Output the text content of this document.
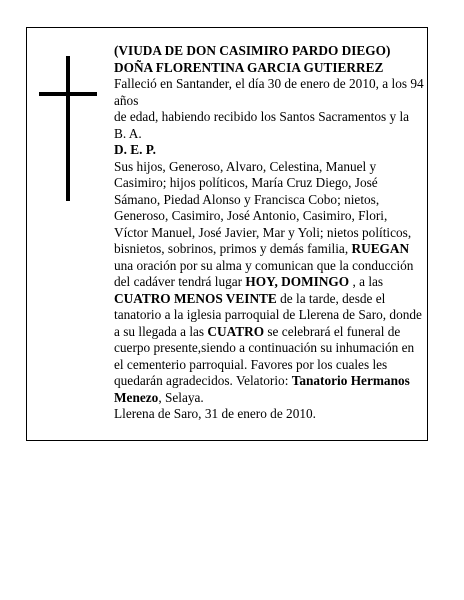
(VIUDA DE DON CASIMIRO PARDO DIEGO)

DOÑA FLORENTINA GARCIA GUTIERREZ

Falleció en Santander, el día 30 de enero de 2010, a los 94 años

de edad, habiendo recibido los Santos Sacramentos y la B. A.

D. E. P.

Sus hijos, Generoso, Alvaro, Celestina, Manuel y Casimiro; hijos políticos, María Cruz Diego, José Sámano, Piedad Alonso y Francisca Cobo; nietos, Generoso, Casimiro, José Antonio, Casimiro, Flori, Víctor Manuel, José Javier, Mar y Yoli; nietos políticos, bisnietos, sobrinos, primos y demás familia, RUEGAN una oración por su alma y comunican que la conducción del cadáver tendrá lugar HOY, DOMINGO , a las CUATRO MENOS VEINTE de la tarde, desde el tanatorio a la iglesia parroquial de Llerena de Saro, donde a su llegada a las CUATRO se celebrará el funeral de cuerpo presente,siendo a continuación su inhumación en el cementerio parroquial. Favores por los cuales les quedarán agradecidos. Velatorio: Tanatorio Hermanos Menezo, Selaya.

Llerena de Saro, 31 de enero de 2010.
